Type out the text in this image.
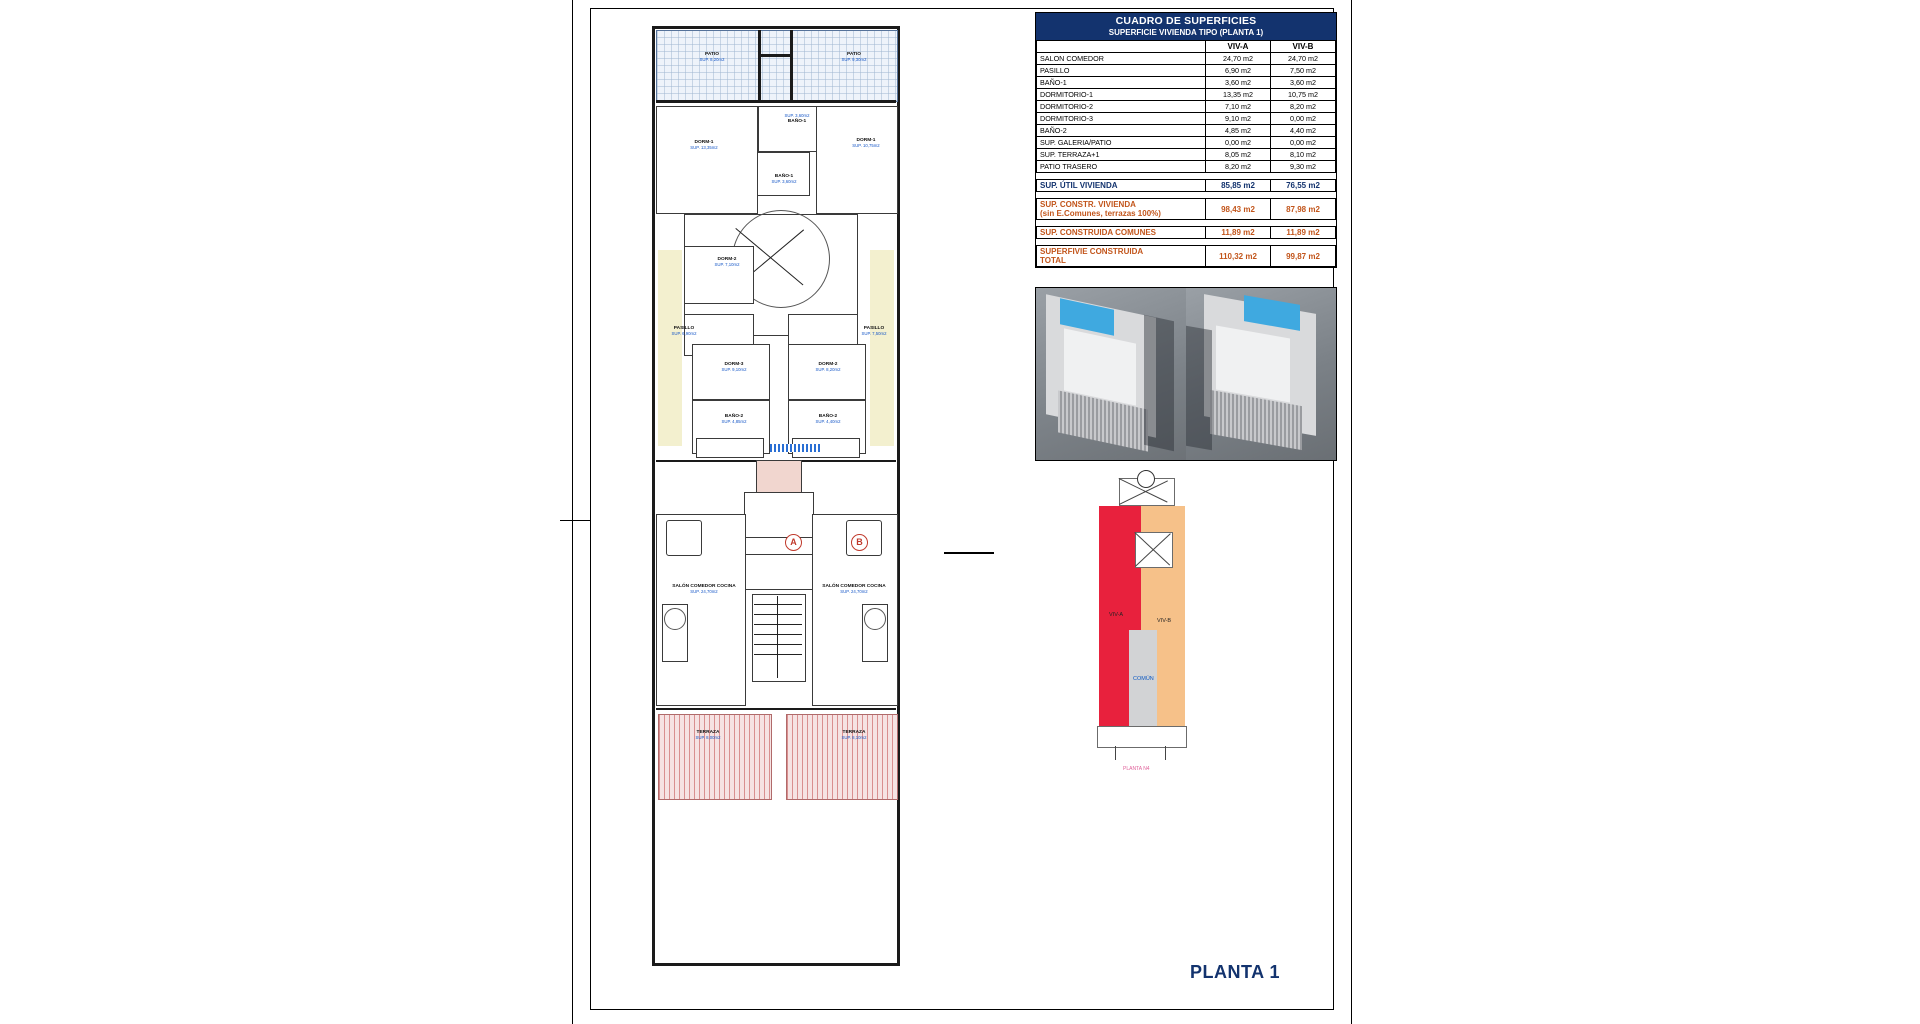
A	B
PATIO
SUP. 8,20m2
PATIO
SUP. 9,30m2
SUP. 3,60m2
BAÑO-1
DORM-1
SUP. 13,35m2
DORM-1
SUP. 10,75m2
BAÑO-1
SUP. 3,60m2
DORM-2
SUP. 7,10m2
PASILLO
SUP. 6,90m2
PASILLO
SUP. 7,50m2
DORM-3
SUP. 9,10m2
DORM-2
SUP. 8,20m2
BAÑO-2
SUP. 4,85m2
BAÑO-2
SUP. 4,40m2
SALÓN COMEDOR COCINA
SUP. 24,70m2
SALÓN COMEDOR COCINA
SUP. 24,70m2
TERRAZA
SUP. 8,00m2
TERRAZA
SUP. 8,10m2
CUADRO DE SUPERFICIES
SUPERFICIE VIVIENDA TIPO (PLANTA 1)
	VIV-A	VIV-B
SALON COMEDOR	24,70 m2	24,70 m2
PASILLO	6,90 m2	7,50 m2
BAÑO-1	3,60 m2	3,60 m2
DORMITORIO-1	13,35 m2	10,75 m2
DORMITORIO-2	7,10 m2	8,20 m2
DORMITORIO-3	9,10 m2	0,00 m2
BAÑO-2	4,85 m2	4,40 m2
SUP. GALERIA/PATIO	0,00 m2	0,00 m2
SUP. TERRAZA+1	8,05 m2	8,10 m2
PATIO TRASERO	8,20 m2	9,30 m2

SUP. ÚTIL VIVIENDA	85,85 m2	76,55 m2

SUP. CONSTR. VIVIENDA
(sin E.Comunes, terrazas 100%)	98,43 m2	87,98 m2

SUP. CONSTRUIDA COMUNES	11,89 m2	11,89 m2

SUPERFIVIE CONSTRUIDA
TOTAL	110,32 m2	99,87 m2
VIV-A
VIV-B
COMÚN
PLANTA N4
PLANTA 1
